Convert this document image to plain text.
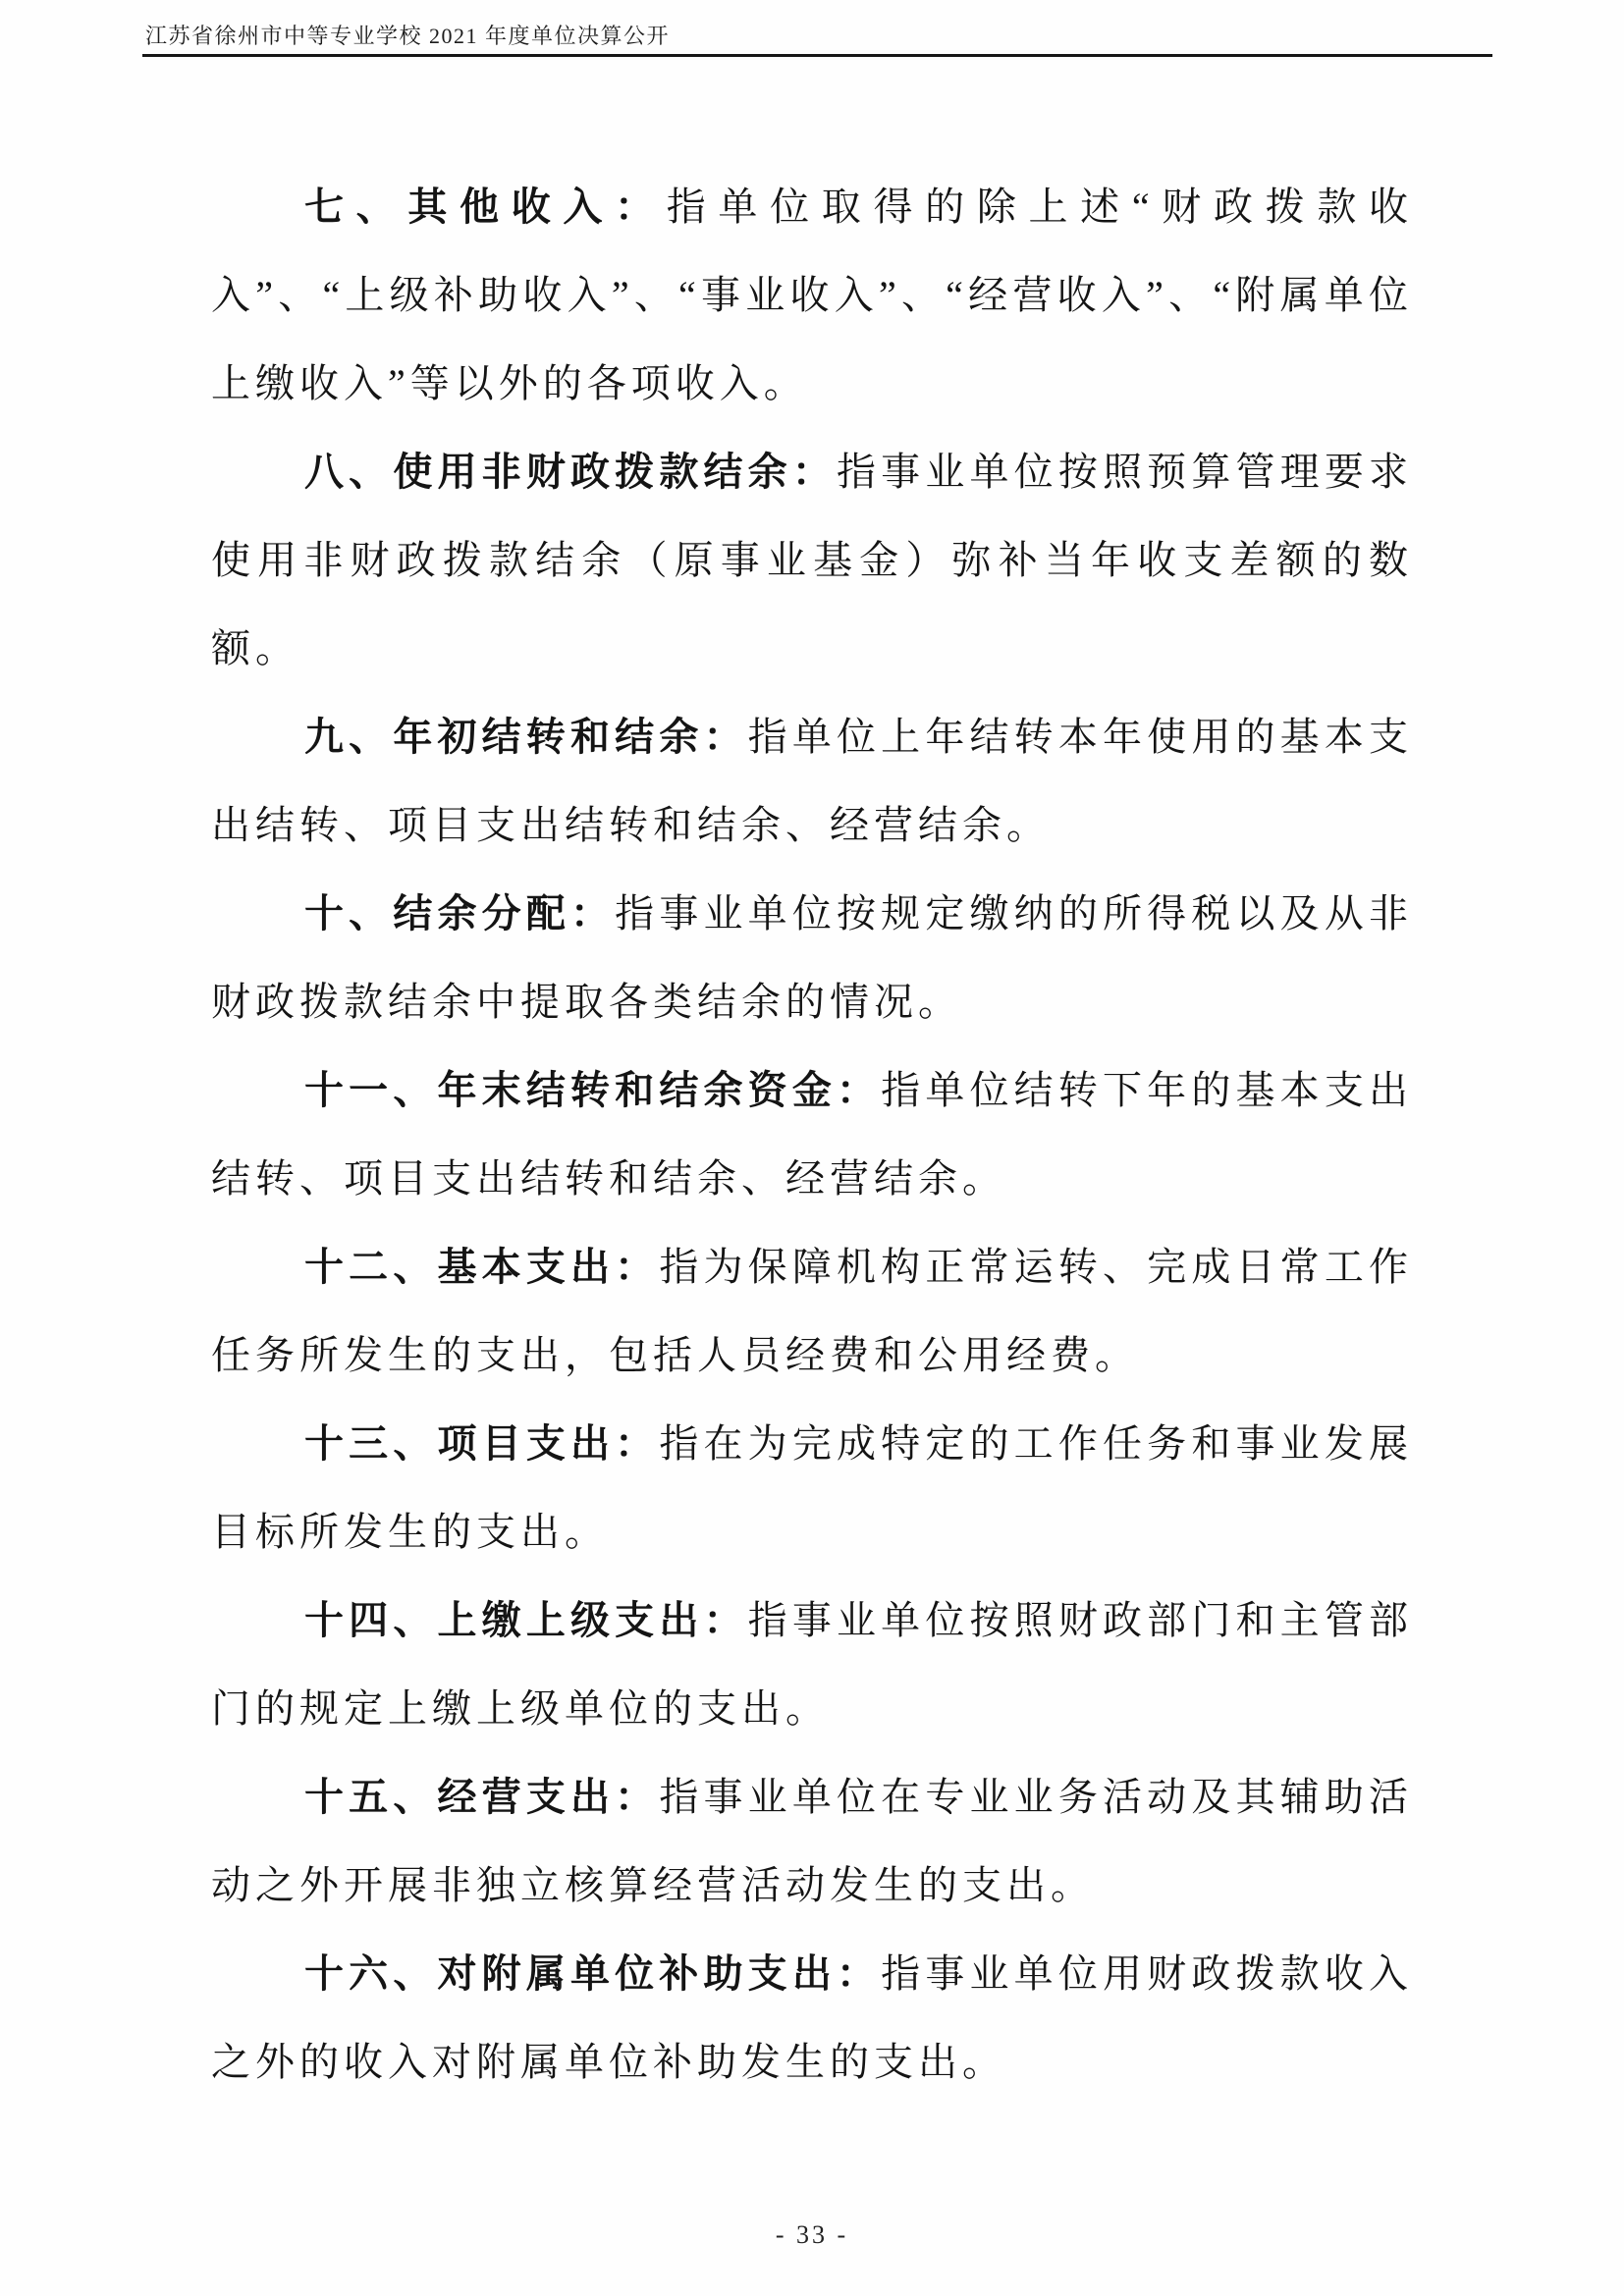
江苏省徐州市中等专业学校 2021 年度单位决算公开

七、其他收入：指单位取得的除上述“财政拨款收入”、“上级补助收入”、“事业收入”、“经营收入”、“附属单位上缴收入”等以外的各项收入。

八、使用非财政拨款结余：指事业单位按照预算管理要求使用非财政拨款结余（原事业基金）弥补当年收支差额的数额。

九、年初结转和结余：指单位上年结转本年使用的基本支出结转、项目支出结转和结余、经营结余。

十、结余分配：指事业单位按规定缴纳的所得税以及从非财政拨款结余中提取各类结余的情况。

十一、年末结转和结余资金：指单位结转下年的基本支出结转、项目支出结转和结余、经营结余。

十二、基本支出：指为保障机构正常运转、完成日常工作任务所发生的支出，包括人员经费和公用经费。

十三、项目支出：指在为完成特定的工作任务和事业发展目标所发生的支出。

十四、上缴上级支出：指事业单位按照财政部门和主管部门的规定上缴上级单位的支出。

十五、经营支出：指事业单位在专业业务活动及其辅助活动之外开展非独立核算经营活动发生的支出。

十六、对附属单位补助支出：指事业单位用财政拨款收入之外的收入对附属单位补助发生的支出。

- 33 -
